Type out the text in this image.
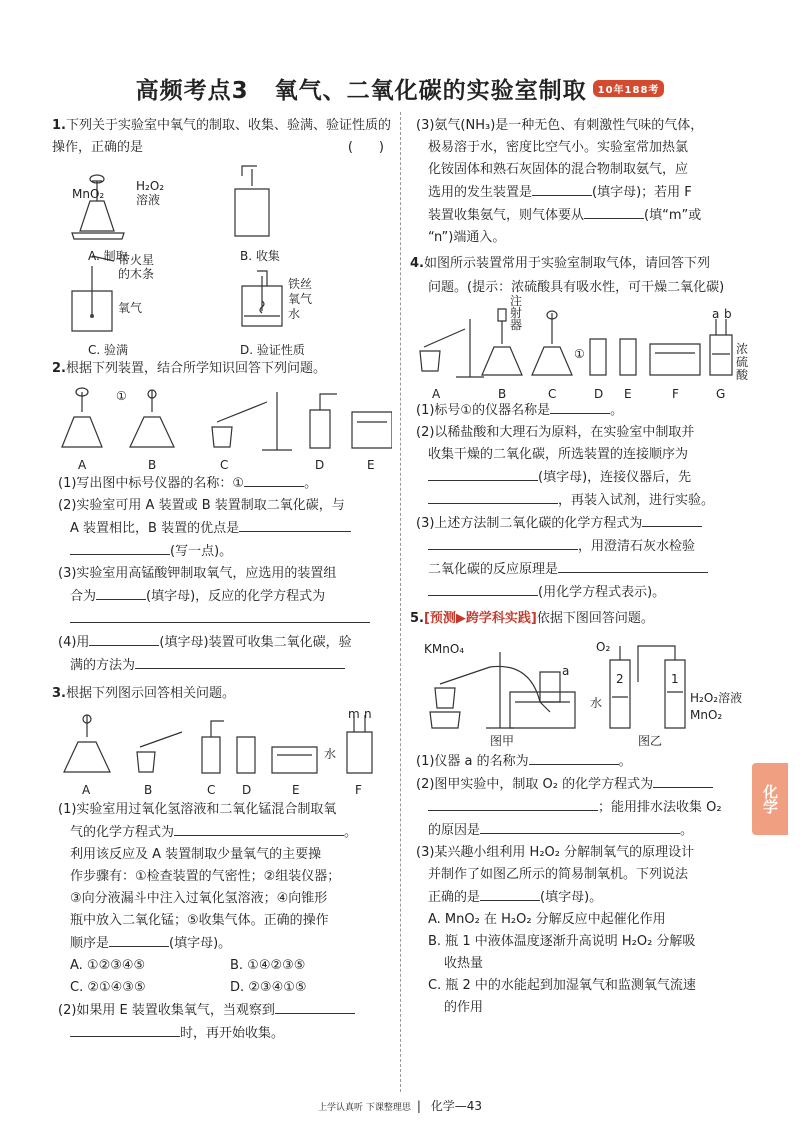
高频考点3 氧气、二氧化碳的实验室制取 10年188考
1.下列关于实验室中氧气的制取、收集、验满、验证性质的操作，正确的是	(　　)
MnO₂
H₂O₂
溶液
A. 制取	B. 收集
带火星
的木条
氧气
铁丝
氧气
水
C. 验满	D. 验证性质
2.根据下列装置，结合所学知识回答下列问题。
①
A	B	C	D	E

(1)写出图中标号仪器的名称：①	。

(2)实验室可用 A 装置或 B 装置制取二氧化碳，与

A 装置相比，B 装置的优点是

(写一点)。

(3)实验室用高锰酸钾制取氧气，应选用的装置组

合为	(填字母)，反应的化学方程式为

(4)用	(填字母)装置可收集二氧化碳，验

满的方法为

3.根据下列图示回答相关问题。
m n
水
A	B	C D	E	F

(1)实验室用过氧化氢溶液和二氧化锰混合制取氧

气的化学方程式为	。

利用该反应及 A 装置制取少量氧气的主要操

作步骤有：①检查装置的气密性；②组装仪器；

③向分液漏斗中注入过氧化氢溶液；④向锥形

瓶中放入二氧化锰；⑤收集气体。正确的操作

顺序是	(填字母)。

A. ①②③④⑤	B. ①④②③⑤

C. ②①④③⑤	D. ②③④①⑤

(2)如果用 E 装置收集氧气，当观察到

时，再开始收集。

(3)氨气(NH₃)是一种无色、有刺激性气味的气体，

极易溶于水，密度比空气小。实验室常加热氯

化铵固体和熟石灰固体的混合物制取氨气，应

选用的发生装置是	(填字母)；若用 F

装置收集氨气，则气体要从	(填“m”或

“n”)端通入。

4.如图所示装置常用于实验室制取气体，请回答下列

问题。(提示：浓硫酸具有吸水性，可干燥二氧化碳)

注射器
①
a b
浓硫酸
A	B	C	D E	F	G

(1)标号①的仪器名称是	。

(2)以稀盐酸和大理石为原料，在实验室中制取并

收集干燥的二氧化碳，所选装置的连接顺序为

(填字母)，连接仪器后，先

，再装入试剂，进行实验。

(3)上述方法制二氧化碳的化学方程式为

，用澄清石灰水检验

二氧化碳的反应原理是

(用化学方程式表示)。

5.[预测▶跨学科实践]依据下图回答问题。
KMnO₄
a
O₂
2	1
水	H₂O₂溶液
MnO₂
图甲	图乙

(1)仪器 a 的名称为	。

(2)图甲实验中，制取 O₂ 的化学方程式为

；能用排水法收集 O₂

的原因是	。

(3)某兴趣小组利用 H₂O₂ 分解制氧气的原理设计

并制作了如图乙所示的简易制氧机。下列说法

正确的是	(填字母)。

A. MnO₂ 在 H₂O₂ 分解反应中起催化作用

B. 瓶 1 中液体温度逐渐升高说明 H₂O₂ 分解吸

收热量

C. 瓶 2 中的水能起到加湿氧气和监测氧气流速

的作用

化学
上学认真听 下课整理思 | 化学—43
